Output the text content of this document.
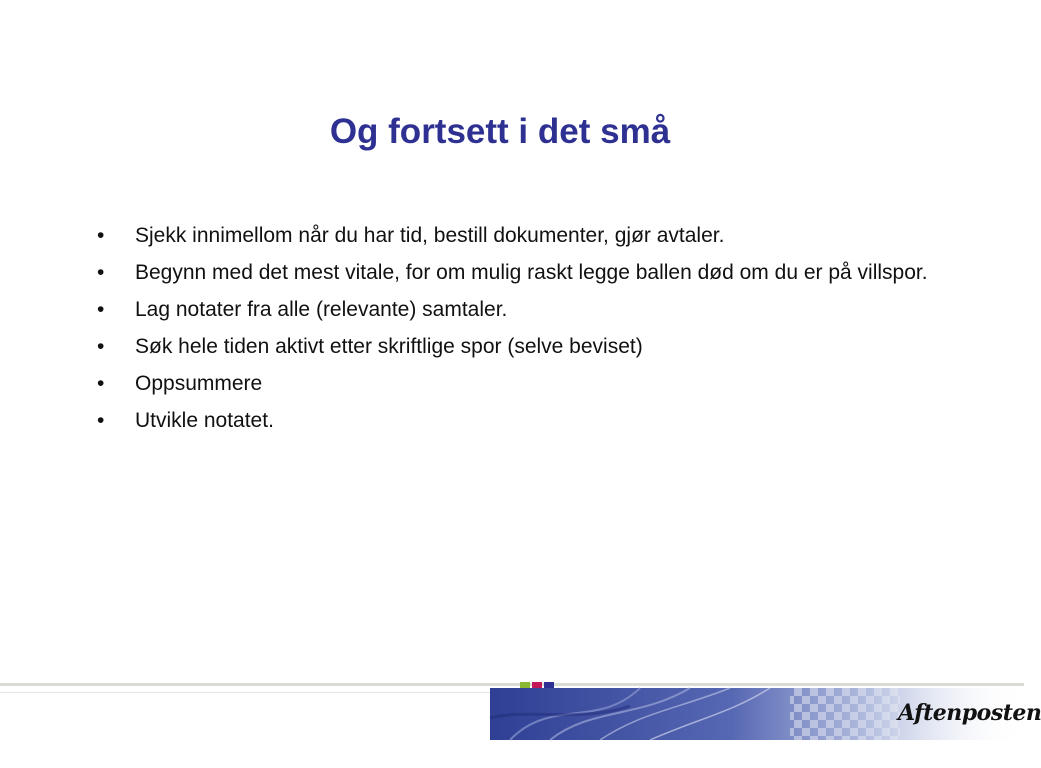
Og fortsett i det små
•	Sjekk innimellom når du har tid, bestill dokumenter, gjør avtaler.
•	Begynn med det mest vitale, for om mulig raskt legge ballen død om du er på villspor.
•	Lag notater fra alle (relevante) samtaler.
•	Søk hele tiden aktivt etter skriftlige spor (selve beviset)
•	Oppsummere
•	Utvikle notatet.
Aftenposten
